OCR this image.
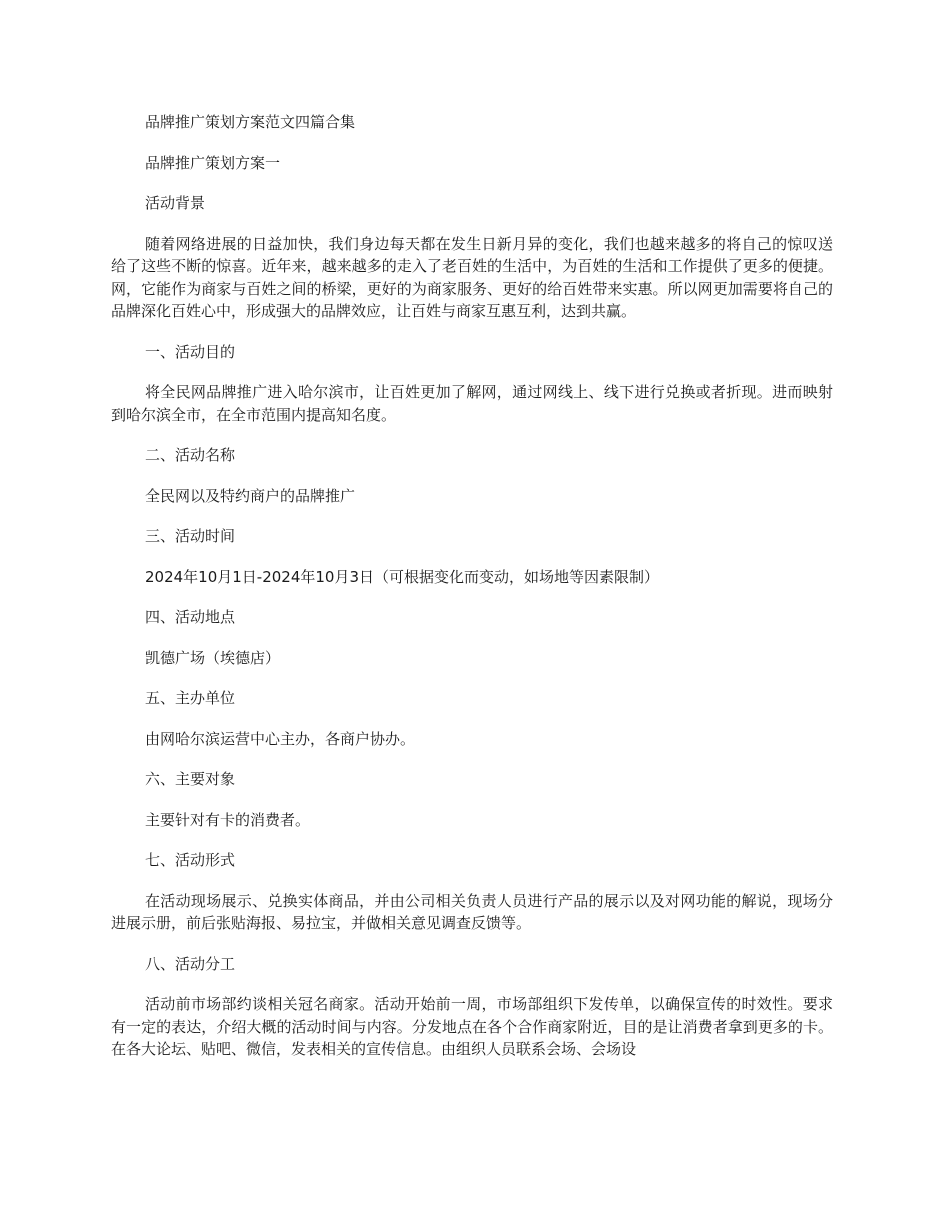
品牌推广策划方案范文四篇合集

品牌推广策划方案一

活动背景

随着网络进展的日益加快，我们身边每天都在发生日新月异的变化，我们也越来越多的将自己的惊叹送给了这些不断的惊喜。近年来，越来越多的走入了老百姓的生活中，为百姓的生活和工作提供了更多的便捷。网，它能作为商家与百姓之间的桥梁，更好的为商家服务、更好的给百姓带来实惠。所以网更加需要将自己的品牌深化百姓心中，形成强大的品牌效应，让百姓与商家互惠互利，达到共赢。

一、活动目的

将全民网品牌推广进入哈尔滨市，让百姓更加了解网，通过网线上、线下进行兑换或者折现。进而映射到哈尔滨全市，在全市范围内提高知名度。

二、活动名称

全民网以及特约商户的品牌推广

三、活动时间

2024年10月1日-2024年10月3日（可根据变化而变动，如场地等因素限制）

四、活动地点

凯德广场（埃德店）

五、主办单位

由网哈尔滨运营中心主办，各商户协办。

六、主要对象

主要针对有卡的消费者。

七、活动形式

在活动现场展示、兑换实体商品，并由公司相关负责人员进行产品的展示以及对网功能的解说，现场分进展示册，前后张贴海报、易拉宝，并做相关意见调查反馈等。

八、活动分工

活动前市场部约谈相关冠名商家。活动开始前一周，市场部组织下发传单，以确保宣传的时效性。要求有一定的表达，介绍大概的活动时间与内容。分发地点在各个合作商家附近，目的是让消费者拿到更多的卡。在各大论坛、贴吧、微信，发表相关的宣传信息。由组织人员联系会场、会场设
